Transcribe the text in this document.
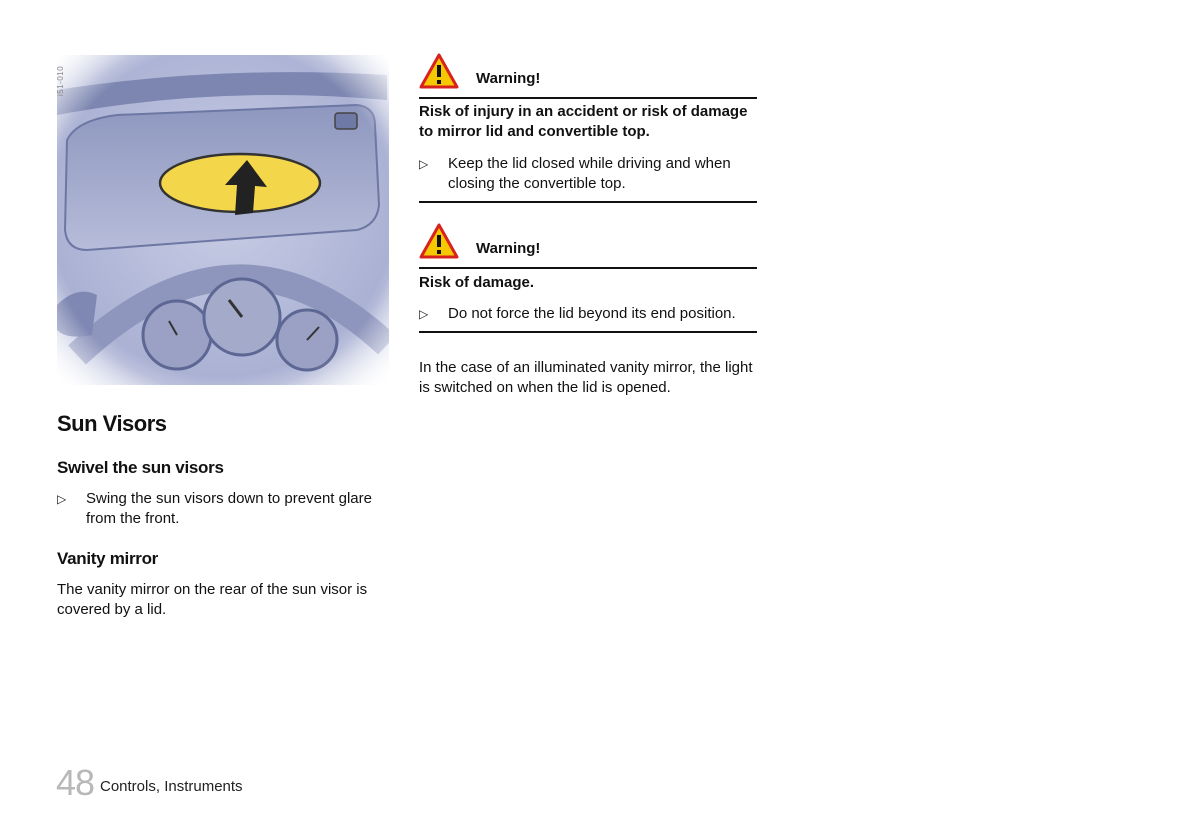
i51-010
Sun Visors
Swivel the sun visors
▷	Swing the sun visors down to prevent glare from the front.
Vanity mirror

The vanity mirror on the rear of the sun visor is covered by a lid.

Warning!

Risk of injury in an accident or risk of damage to mirror lid and convertible top.

▷	Keep the lid closed while driving and when closing the convertible top.
Warning!

Risk of damage.

▷	Do not force the lid beyond its end position.

In the case of an illuminated vanity mirror, the light is switched on when the lid is opened.

48 Controls, Instruments
